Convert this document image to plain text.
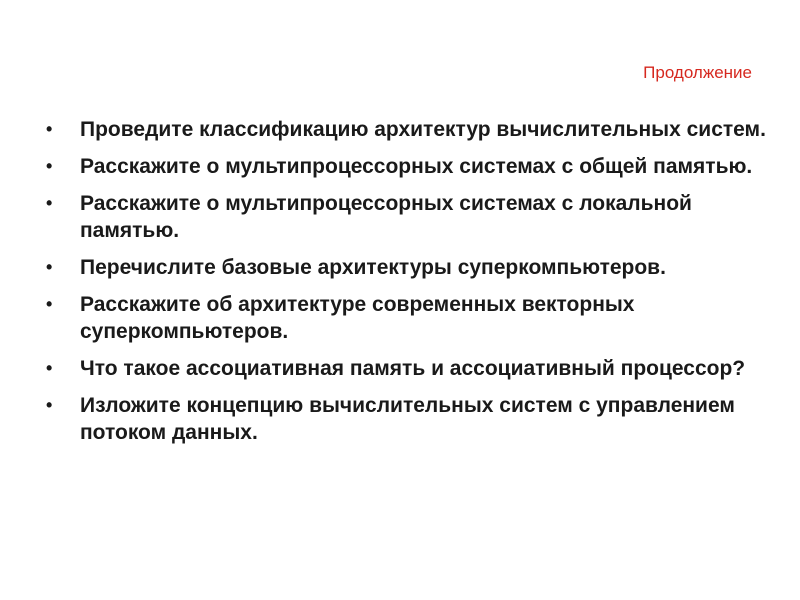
Продолжение
• Проведите классификацию архитектур вычислительных систем.
• Расскажите о мультипроцессорных системах с общей памятью.
• Расскажите о мультипроцессорных системах с локальной памятью.
• Перечислите базовые архитектуры суперкомпьютеров.
• Расскажите об архитектуре современных векторных суперкомпьютеров.
• Что такое ассоциативная память и ассоциативный процессор?
• Изложите концепцию вычислительных систем с управлением потоком данных.
